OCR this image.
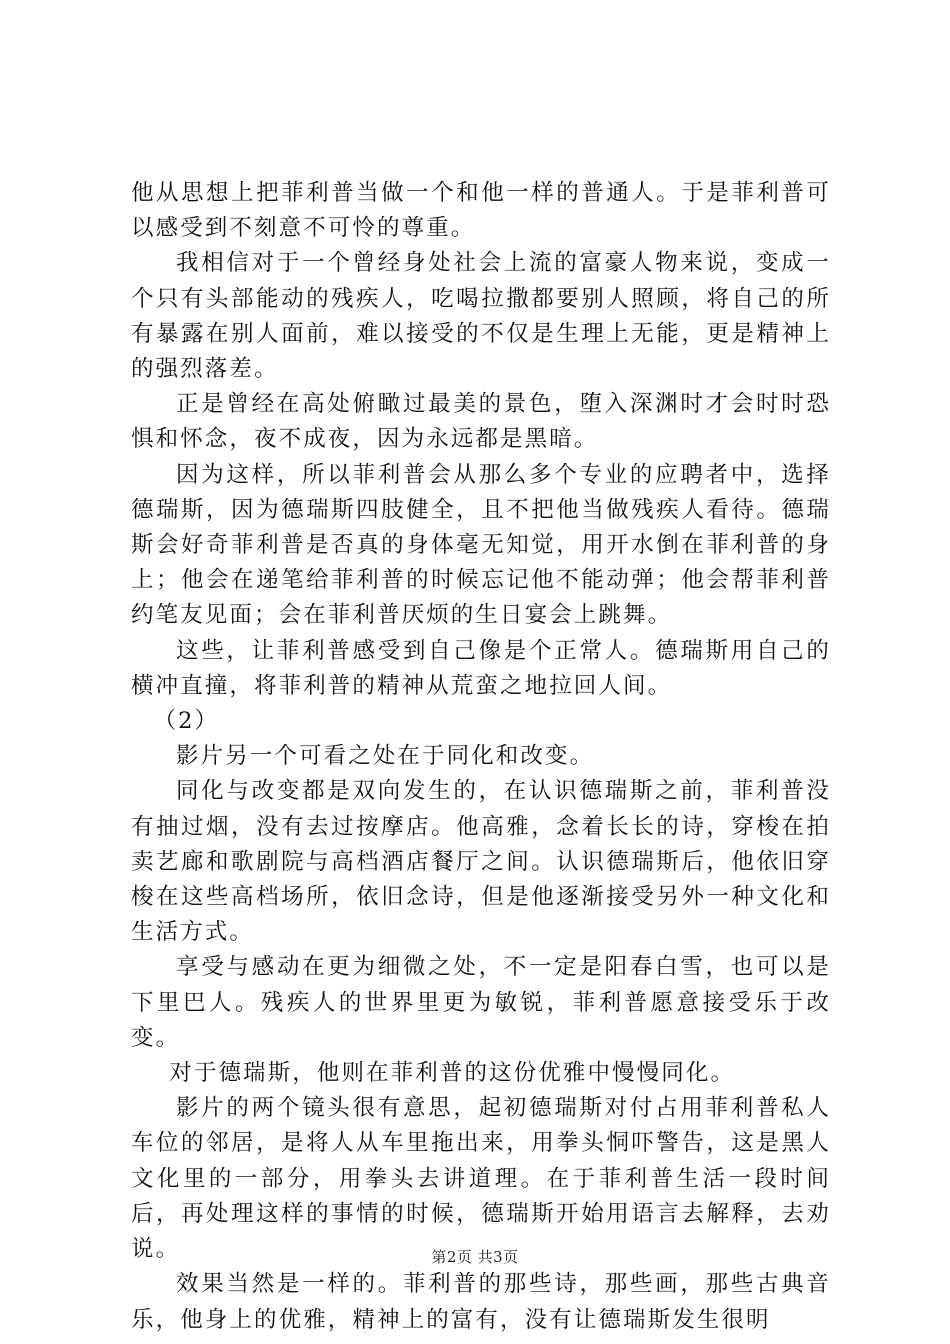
他从思想上把菲利普当做一个和他一样的普通人。于是菲利普可以感受到不刻意不可怜的尊重。

我相信对于一个曾经身处社会上流的富豪人物来说，变成一个只有头部能动的残疾人，吃喝拉撒都要别人照顾，将自己的所有暴露在别人面前，难以接受的不仅是生理上无能，更是精神上的强烈落差。

正是曾经在高处俯瞰过最美的景色，堕入深渊时才会时时恐惧和怀念，夜不成夜，因为永远都是黑暗。

因为这样，所以菲利普会从那么多个专业的应聘者中，选择德瑞斯，因为德瑞斯四肢健全，且不把他当做残疾人看待。德瑞斯会好奇菲利普是否真的身体毫无知觉，用开水倒在菲利普的身上；他会在递笔给菲利普的时候忘记他不能动弹；他会帮菲利普约笔友见面；会在菲利普厌烦的生日宴会上跳舞。

这些，让菲利普感受到自己像是个正常人。德瑞斯用自己的横冲直撞，将菲利普的精神从荒蛮之地拉回人间。

（2）

影片另一个可看之处在于同化和改变。

同化与改变都是双向发生的，在认识德瑞斯之前，菲利普没有抽过烟，没有去过按摩店。他高雅，念着长长的诗，穿梭在拍卖艺廊和歌剧院与高档酒店餐厅之间。认识德瑞斯后，他依旧穿梭在这些高档场所，依旧念诗，但是他逐渐接受另外一种文化和生活方式。

享受与感动在更为细微之处，不一定是阳春白雪，也可以是下里巴人。残疾人的世界里更为敏锐，菲利普愿意接受乐于改变。

对于德瑞斯，他则在菲利普的这份优雅中慢慢同化。

影片的两个镜头很有意思，起初德瑞斯对付占用菲利普私人车位的邻居，是将人从车里拖出来，用拳头恫吓警告，这是黑人文化里的一部分，用拳头去讲道理。在于菲利普生活一段时间后，再处理这样的事情的时候，德瑞斯开始用语言去解释，去劝说。

效果当然是一样的。菲利普的那些诗，那些画，那些古典音乐，他身上的优雅，精神上的富有，没有让德瑞斯发生很明

第2页 共3页
